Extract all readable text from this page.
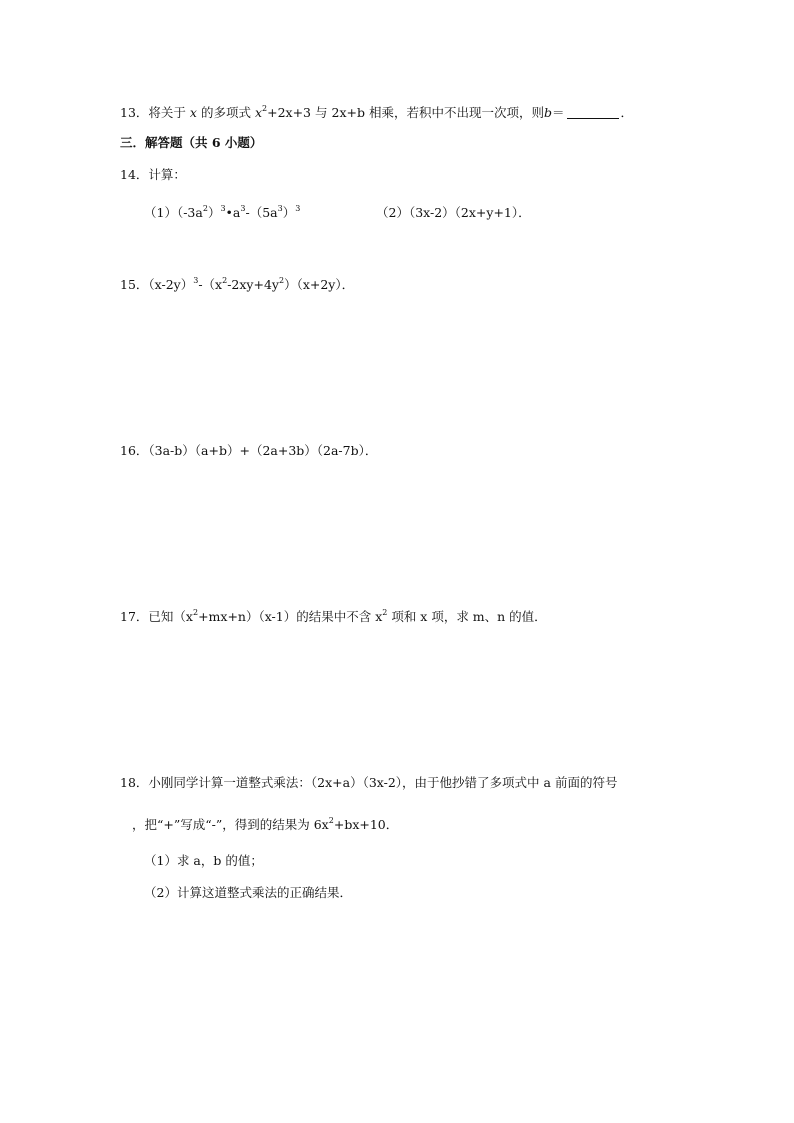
13．将关于 x 的多项式 $x^2+2x+3$ 与 2x+b 相乘，若积中不出现一次项，则b＝	．
三．解答题（共 6 小题）
14．计算：
$(1)(-3a^2)^3•a^3-(5a^3)^3$	（2）（3x-2）（2x+y+1）．
15．$(x-2y)^3-(x^2-2xy+4y^2)(x+2y)$．
16．（3a-b）（a+b）+（2a+3b）（2a-7b）．
17．已知$(x^2+mx+n)(x-1)$的结果中不含 $x^2$ 项和 x 项，求 m、n 的值．
18．小刚同学计算一道整式乘法：（2x+a）（3x-2），由于他抄错了多项式中 a 前面的符号
，把“+”写成“-”，得到的结果为 $6x^2+bx+10$．
（1）求 a，b 的值；
（2）计算这道整式乘法的正确结果．
